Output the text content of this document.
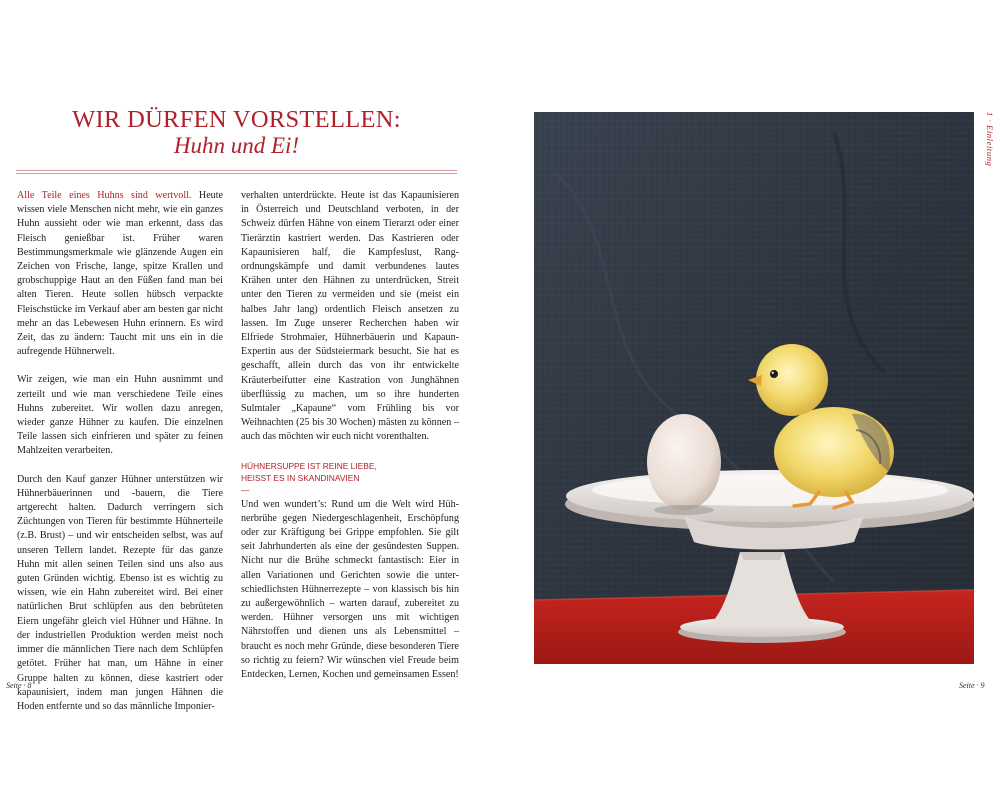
WIR DÜRFEN VORSTELLEN:
Huhn und Ei!

Alle Teile eines Huhns sind wertvoll. Heute wissen viele Menschen nicht mehr, wie ein ganzes Huhn aussieht oder wie man erkennt, dass das Fleisch genießbar ist. Früher waren Bestimmungsmerkmale wie glänzende Augen ein Zeichen von Frische, lange, spitze Krallen und grobschuppige Haut an den Füßen fand man bei alten Tieren. Heute sollen hübsch verpackte Fleischstücke im Verkauf aber am besten gar nicht mehr an das Lebewesen Huhn erinnern. Es wird Zeit, das zu ändern: Taucht mit uns ein in die aufregende Hühnerwelt.

Wir zeigen, wie man ein Huhn ausnimmt und zerteilt und wie man verschiedene Teile eines Huhns zubereitet. Wir wollen dazu anregen, wieder ganze Hühner zu kaufen. Die einzelnen Teile lassen sich einfrieren und später zu feinen Mahlzeiten verarbeiten.

Durch den Kauf ganzer Hühner unterstützen wir Hühnerbäuerinnen und -bauern, die Tiere artgerecht halten. Dadurch verringern sich Züchtungen von Tieren für bestimmte Hühnerteile (z.B. Brust) – und wir entscheiden selbst, was auf unseren Tellern landet. Rezepte für das ganze Huhn mit allen seinen Teilen sind uns also aus guten Gründen wichtig. Ebenso ist es wichtig zu wissen, wie ein Hahn zubereitet wird. Bei einer natürlichen Brut schlüpfen aus den bebrüteten Eiern ungefähr gleich viel Hühner und Hähne. In der industriellen Produktion werden meist noch immer die männlichen Tiere nach dem Schlüpfen getötet. Früher hat man, um Hähne in einer Gruppe halten zu können, diese kastriert oder kapaunisiert, indem man jungen Hähnen die Hoden entfernte und so das männliche Imponier-

verhalten unterdrückte. Heute ist das Kapaunisieren in Österreich und Deutschland verboten, in der Schweiz dürfen Hähne von einem Tierarzt oder einer Tierärztin kastriert werden. Das Kastrieren oder Kapaunisieren half, die Kampfeslust, Rangordnungskämpfe und damit verbundenes lautes Krähen unter den Hähnen zu unterdrücken, Streit unter den Tieren zu vermeiden und sie (meist ein halbes Jahr lang) ordentlich Fleisch ansetzen zu lassen. Im Zuge unserer Recherchen haben wir Elfriede Strohmaier, Hühnerbäuerin und Kapaun-Expertin aus der Südsteiermark besucht. Sie hat es geschafft, allein durch das von ihr entwickelte Kräuterbeifutter eine Kastration von Junghähnen überflüssig zu machen, um so ihre hunderten Sulmtaler „Kapaune“ vom Frühling bis vor Weihnachten (25 bis 30 Wochen) mästen zu können – auch das möchten wir euch nicht vorenthalten.

HÜHNERSUPPE IST REINE LIEBE,
HEISST ES IN SKANDINAVIEN
—

Und wen wundert’s: Rund um die Welt wird Hühnerbrühe gegen Niedergeschlagenheit, Erschöpfung oder zur Kräftigung bei Grippe empfohlen. Sie gilt seit Jahrhunderten als eine der gesündesten Suppen. Nicht nur die Brühe schmeckt fantastisch: Eier in allen Variationen und Gerichten sowie die unterschiedlichsten Hühnerrezepte – von klassisch bis hin zu außergewöhnlich – warten darauf, zubereitet zu werden. Hühner versorgen uns mit wichtigen Nährstoffen und dienen uns als Lebensmittel – braucht es noch mehr Gründe, diese besonderen Tiere so richtig zu feiern? Wir wünschen viel Freude beim Entdecken, Lernen, Kochen und gemeinsamen Essen!

Seite · 8
1 · Einleitung
Seite · 9
